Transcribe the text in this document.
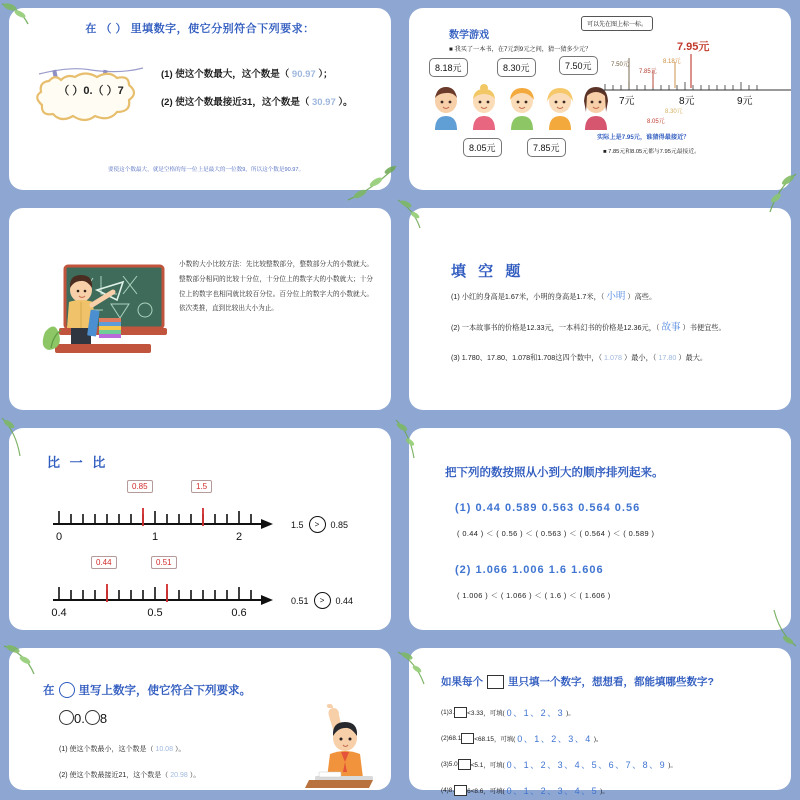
在 （ ） 里填数字，使它分别符合下列要求：
（ ）0.（ ）7
(1) 使这个数最大，这个数是（ 90.97 ）；
(2) 使这个数最接近31，这个数是（ 30.97 ）。
要使这个数最大，就是空格的每一位上是最大的一位数9，所以这个数是90.97。
数学游戏
■ 我买了一本书，在7元到9元之间，猜一猜多少元？
可以先在图上标一标。
8.18元	8.30元	7.50元
8.05元	7.85元
7.95元
7.50元
7.85元
8.18元
8.30元
8.05元
7元	8元	9元
实际上是7.95元，谁猜得最接近？
■ 7.85元和8.05元都与7.95元最接近。
小数的大小比较方法：先比较整数部分，整数部分大的小数就大。整数部分相同的比较十分位，十分位上的数字大的小数就大；十分位上的数字也相同就比较百分位。百分位上的数字大的小数就大。依次类推，直到比较出大小为止。
填 空 题
(1) 小红的身高是1.67米，小明的身高是1.7米，（ 小明 ）高些。
(2) 一本故事书的价格是12.33元，一本科幻书的价格是12.36元，（ 故事 ）书便宜些。
(3) 1.780、17.80、1.078和1.708这四个数中，（ 1.078 ）最小，（ 17.80 ）最大。
比 一 比
0	1	2
0.85	1.5
1.5	>	0.85
0.4	0.5	0.6
0.44	0.51
0.51	>	0.44
把下列的数按照从小到大的顺序排列起来。
(1) 0.44 0.589 0.563 0.564 0.56
( 0.44 ) ＜ ( 0.56 ) ＜ ( 0.563 ) ＜ ( 0.564 ) ＜ ( 0.589 )
(2) 1.066 1.006 1.6 1.606
( 1.006 ) ＜ ( 1.066 ) ＜ ( 1.6 ) ＜ ( 1.606 )
在 里写上数字，使它符合下列要求。
0. 8
(1) 使这个数最小，这个数是（ 10.08 ）。
(2) 使这个数最接近21，这个数是（ 20.98 ）。
如果每个 里只填一个数字，想想看，都能填哪些数字?
(1)3. <3.33，可填( 0、1、2、3 )。
(2)68.1 <68.15，可填( 0、1、2、3、4 )。
(3)5.0 <5.1，可填( 0、1、2、3、4、5、6、7、8、9 )。
(4)8. 6<8.6，可填( 0、1、2、3、4、5 )。
